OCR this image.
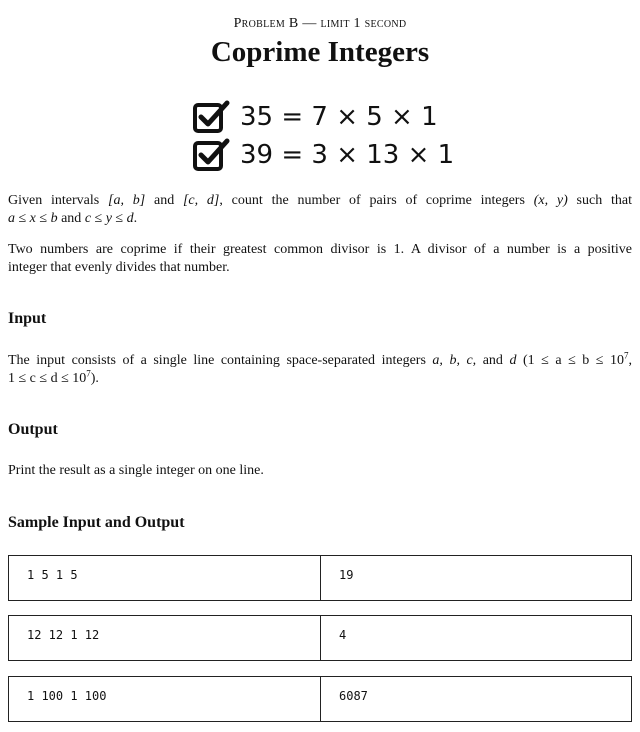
Problem B — limit 1 second
Coprime Integers
35 = 7 × 5 × 1
39 = 3 × 13 × 1
Given intervals [a, b] and [c, d], count the number of pairs of coprime integers (x, y) such that
a ≤ x ≤ b and c ≤ y ≤ d.
Two numbers are coprime if their greatest common divisor is 1. A divisor of a number is a positive
integer that evenly divides that number.
Input
The input consists of a single line containing space-separated integers a, b, c, and d ($1 \le a \le b \le 10^7$,
$1 \le c \le d \le 10^7$).
Output
Print the result as a single integer on one line.
Sample Input and Output
1 5 1 5	19
12 12 1 12	4
1 100 1 100	6087
